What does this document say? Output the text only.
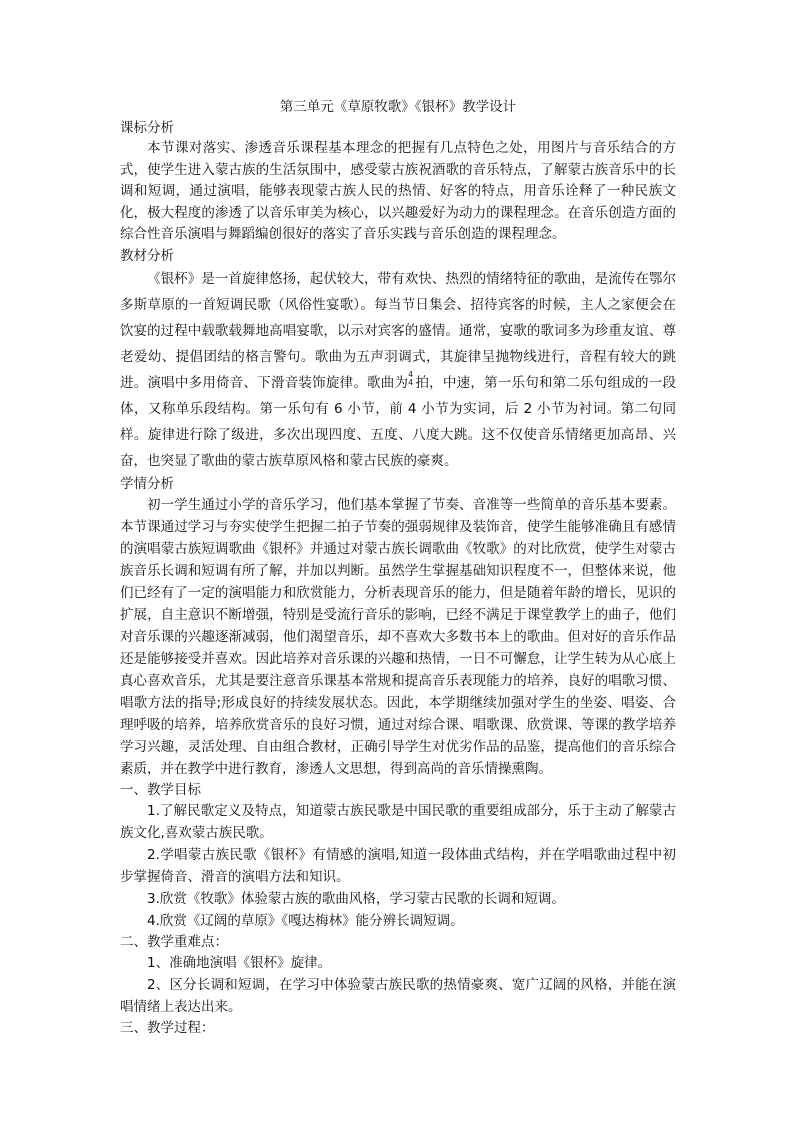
第三单元《草原牧歌》《银杯》教学设计

课标分析

本节课对落实、渗透音乐课程基本理念的把握有几点特色之处，用图片与音乐结合的方式，使学生进入蒙古族的生活氛围中，感受蒙古族祝酒歌的音乐特点，了解蒙古族音乐中的长调和短调，通过演唱，能够表现蒙古族人民的热情、好客的特点，用音乐诠释了一种民族文化，极大程度的渗透了以音乐审美为核心，以兴趣爱好为动力的课程理念。在音乐创造方面的综合性音乐演唱与舞蹈编创很好的落实了音乐实践与音乐创造的课程理念。

教材分析

《银杯》是一首旋律悠扬，起伏较大，带有欢快、热烈的情绪特征的歌曲，是流传在鄂尔多斯草原的一首短调民歌（风俗性宴歌）。每当节日集会、招待宾客的时候，主人之家便会在饮宴的过程中载歌载舞地高唱宴歌，以示对宾客的盛情。通常，宴歌的歌词多为珍重友谊、尊老爱幼、提倡团结的格言警句。歌曲为五声羽调式，其旋律呈抛物线进行，音程有较大的跳进。演唱中多用倚音、下滑音装饰旋律。歌曲为
4
4 拍，中速，第一乐句和第二乐句组成的一段体，又称单乐段结构。第一乐句有 6 小节，前 4 小节为实词，后 2 小节为衬词。第二句同样。旋律进行除了级进，多次出现四度、五度、八度大跳。这不仅使音乐情绪更加高昂、兴奋，也突显了歌曲的蒙古族草原风格和蒙古民族的豪爽。

学情分析

初一学生通过小学的音乐学习，他们基本掌握了节奏、音准等一些简单的音乐基本要素。本节课通过学习与夯实使学生把握二拍子节奏的强弱规律及装饰音，使学生能够准确且有感情的演唱蒙古族短调歌曲《银杯》并通过对蒙古族长调歌曲《牧歌》的对比欣赏，使学生对蒙古族音乐长调和短调有所了解，并加以判断。虽然学生掌握基础知识程度不一，但整体来说，他们已经有了一定的演唱能力和欣赏能力，分析表现音乐的能力，但是随着年龄的增长，见识的扩展，自主意识不断增强，特别是受流行音乐的影响，已经不满足于课堂教学上的曲子，他们对音乐课的兴趣逐渐减弱，他们渴望音乐，却不喜欢大多数书本上的歌曲。但对好的音乐作品还是能够接受并喜欢。因此培养对音乐课的兴趣和热情，一日不可懈怠，让学生转为从心底上真心喜欢音乐，尤其是要注意音乐课基本常规和提高音乐表现能力的培养，良好的唱歌习惯、唱歌方法的指导;形成良好的持续发展状态。因此，本学期继续加强对学生的坐姿、唱姿、合理呼吸的培养，培养欣赏音乐的良好习惯，通过对综合课、唱歌课、欣赏课、等课的教学培养学习兴趣，灵活处理、自由组合教材，正确引导学生对优劣作品的品鉴，提高他们的音乐综合素质，并在教学中进行教育，渗透人文思想，得到高尚的音乐情操熏陶。

一、教学目标

1.了解民歌定义及特点，知道蒙古族民歌是中国民歌的重要组成部分，乐于主动了解蒙古族文化,喜欢蒙古族民歌。

2.学唱蒙古族民歌《银杯》有情感的演唱,知道一段体曲式结构，并在学唱歌曲过程中初步掌握倚音、滑音的演唱方法和知识。

3.欣赏《牧歌》体验蒙古族的歌曲风格，学习蒙古民歌的长调和短调。

4.欣赏《辽阔的草原》《嘎达梅林》能分辨长调短调。

二、教学重难点：

1、准确地演唱《银杯》旋律。

2、区分长调和短调，在学习中体验蒙古族民歌的热情豪爽、宽广辽阔的风格，并能在演唱情绪上表达出来。

三、教学过程：
